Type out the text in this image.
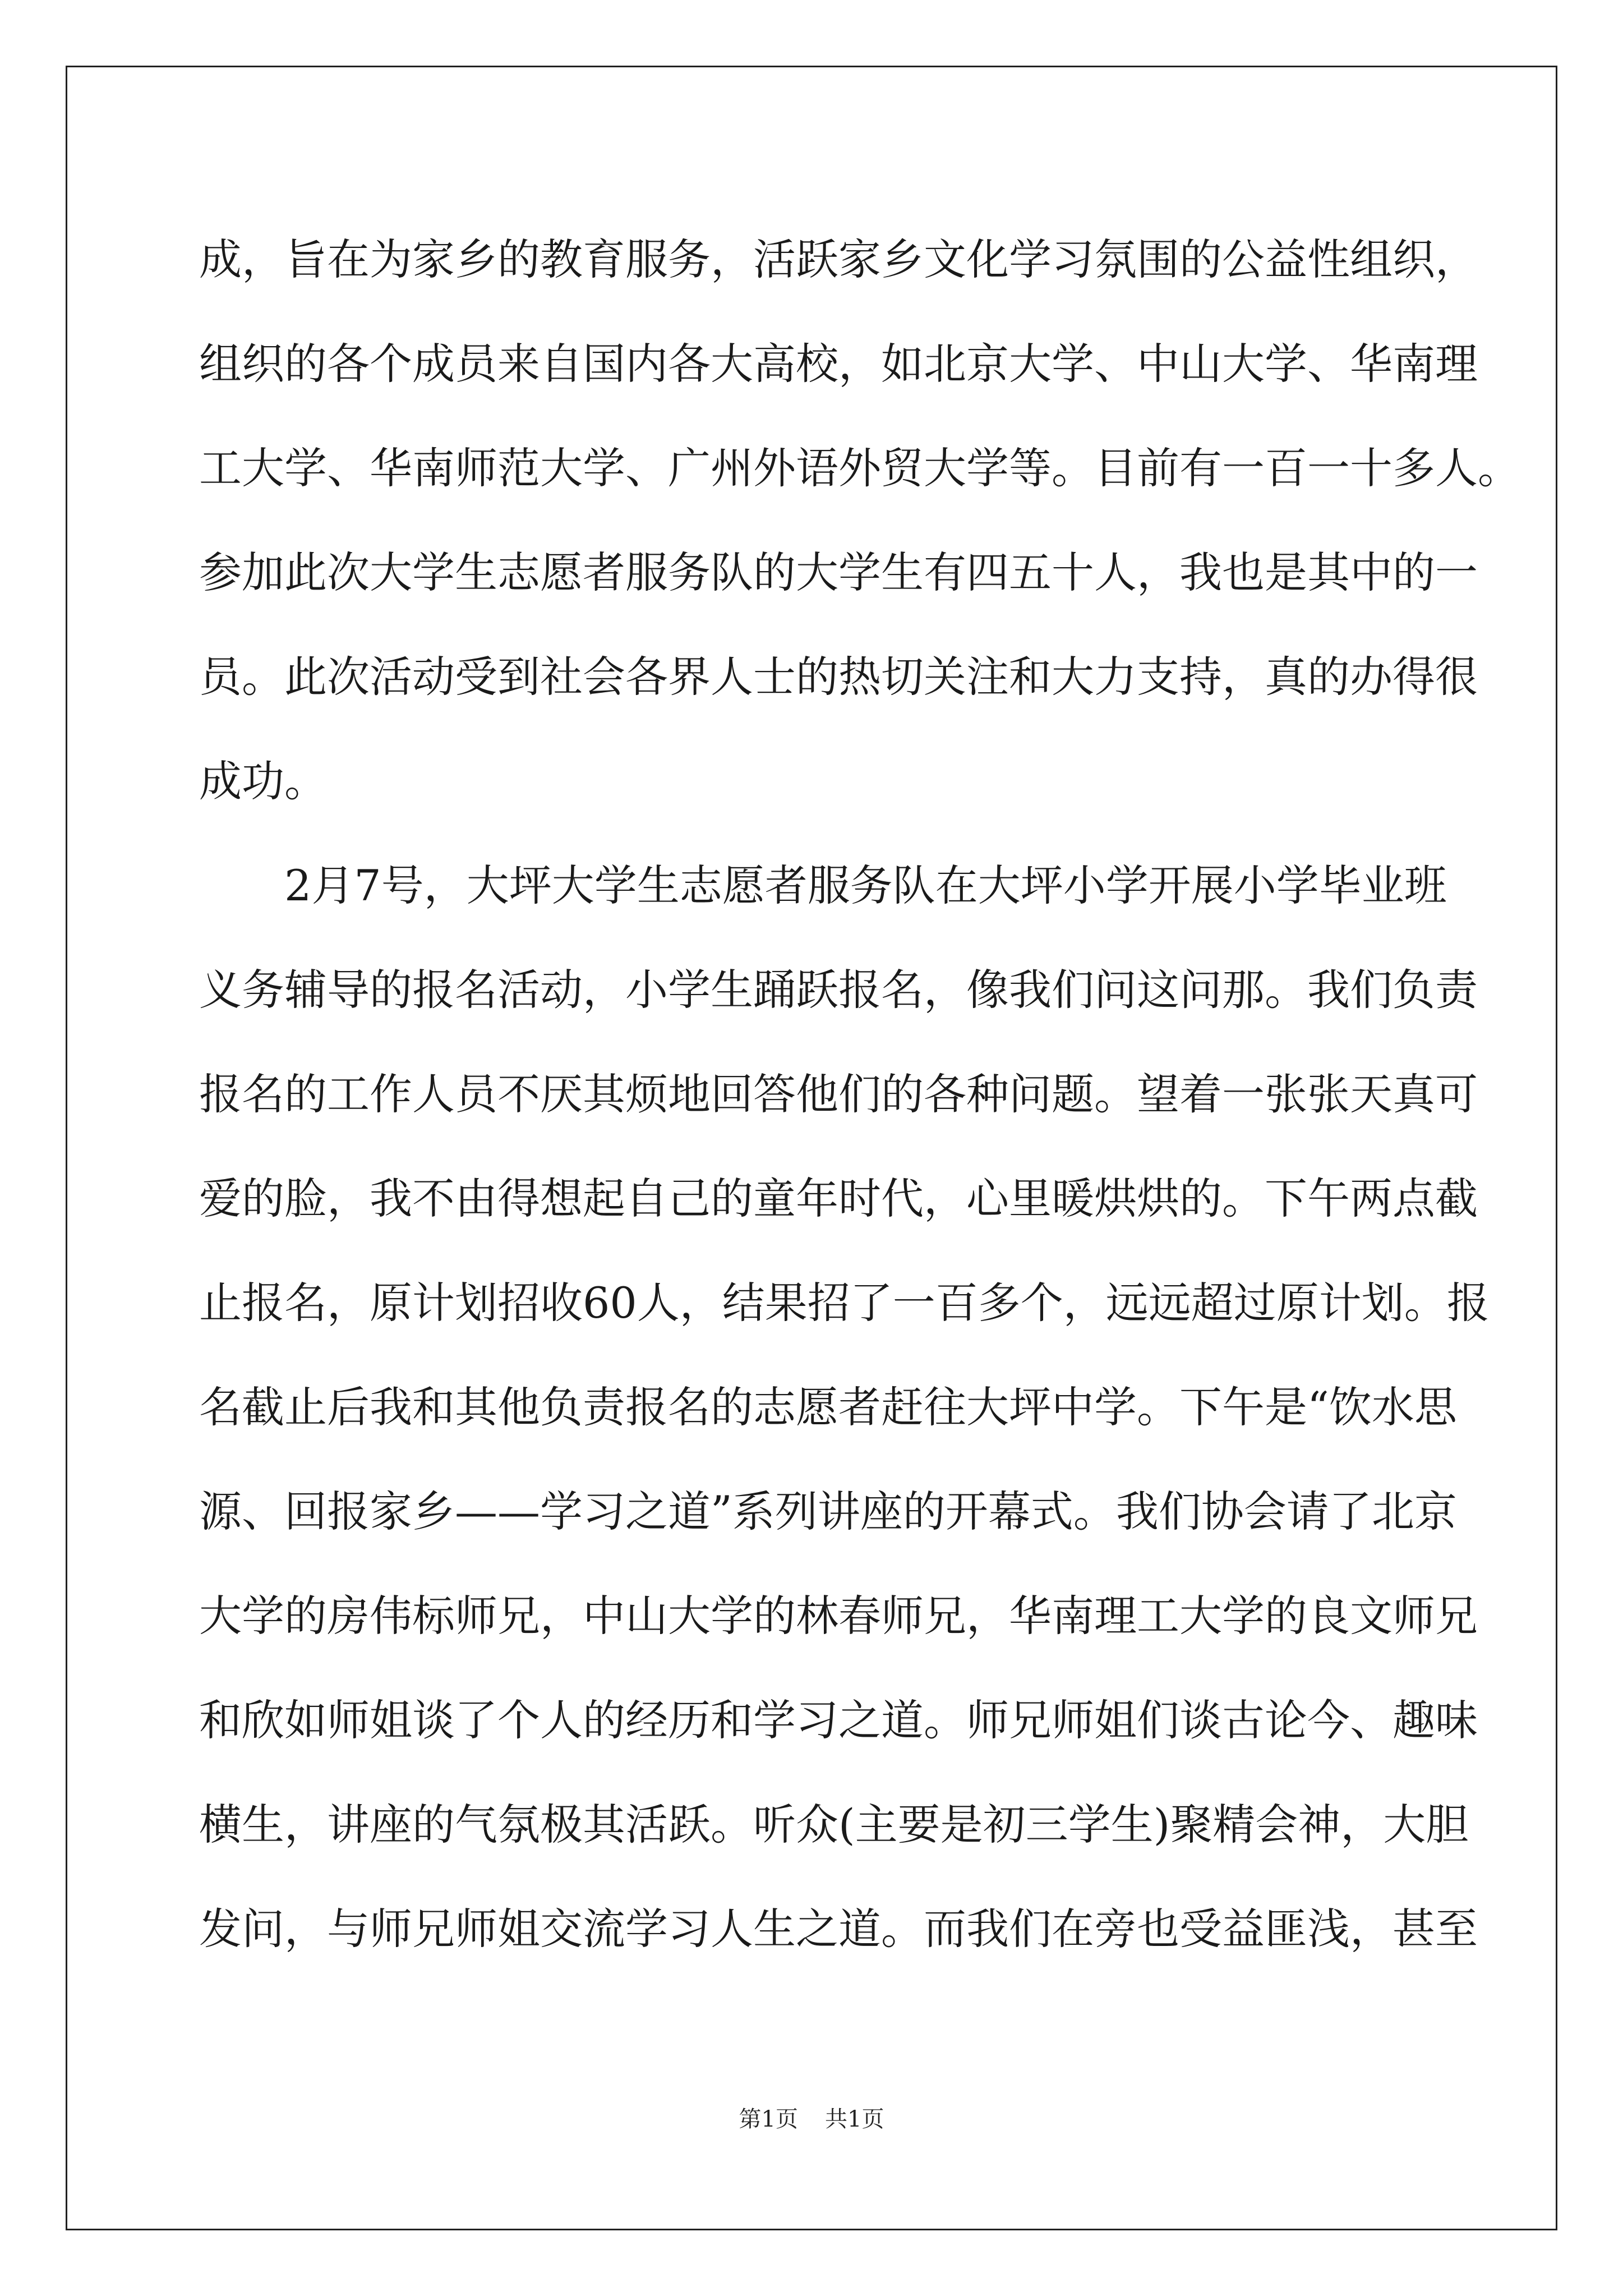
成，旨在为家乡的教育服务，活跃家乡文化学习氛围的公益性组织，
组织的各个成员来自国内各大高校，如北京大学、中山大学、华南理
工大学、华南师范大学、广州外语外贸大学等。目前有一百一十多人。
参加此次大学生志愿者服务队的大学生有四五十人，我也是其中的一
员。此次活动受到社会各界人士的热切关注和大力支持，真的办得很
成功。
　　2月7号，大坪大学生志愿者服务队在大坪小学开展小学毕业班
义务辅导的报名活动，小学生踊跃报名，像我们问这问那。我们负责
报名的工作人员不厌其烦地回答他们的各种问题。望着一张张天真可
爱的脸，我不由得想起自己的童年时代，心里暖烘烘的。下午两点截
止报名，原计划招收60人，结果招了一百多个，远远超过原计划。报
名截止后我和其他负责报名的志愿者赶往大坪中学。下午是“饮水思
源、回报家乡——学习之道”系列讲座的开幕式。我们协会请了北京
大学的房伟标师兄，中山大学的林春师兄，华南理工大学的良文师兄
和欣如师姐谈了个人的经历和学习之道。师兄师姐们谈古论今、趣味
横生，讲座的气氛极其活跃。听众(主要是初三学生)聚精会神，大胆
发问，与师兄师姐交流学习人生之道。而我们在旁也受益匪浅，甚至
第1页 共1页
